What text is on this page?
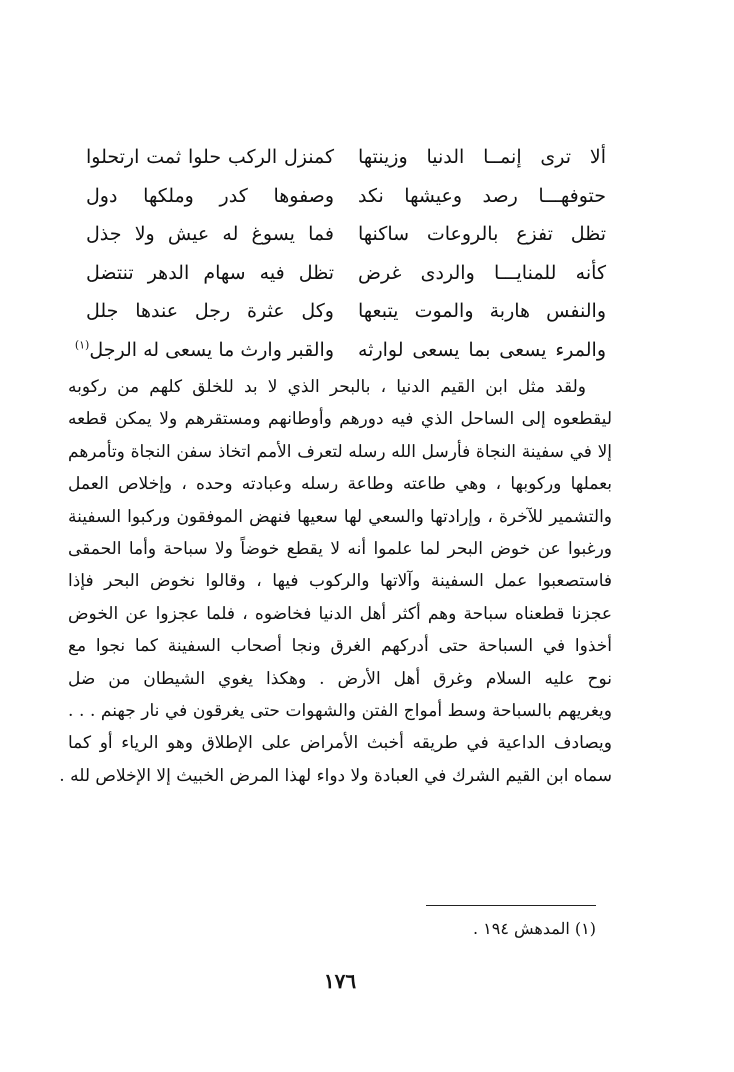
ألا ترى إنمــا الدنيا وزينتها
كمنزل الركب حلوا ثمت ارتحلوا
حتوفهـــا رصد وعيشها نكد
وصفوها كدر وملكها دول
تظل تفزع بالروعات ساكنها
فما يسوغ له عيش ولا جذل
كأنه للمنايـــا والردى غرض
تظل فيه سهام الدهر تنتضل
والنفس هاربة والموت يتبعها
وكل عثرة رجل عندها جلل
والمرء يسعى بما يسعى لوارثه
والقبر وارث ما يسعى له الرجل$^{(١)}$
ولقد مثل ابن القيم الدنيا ، بالبحر الذي لا بد للخلق كلهم من ركوبه
ليقطعوه إلى الساحل الذي فيه دورهم وأوطانهم ومستقرهم ولا يمكن قطعه
إلا في سفينة النجاة فأرسل الله رسله لتعرف الأمم اتخاذ سفن النجاة وتأمرهم
بعملها وركوبها ، وهي طاعته وطاعة رسله وعبادته وحده ، وإخلاص العمل
والتشمير للآخرة ، وإرادتها والسعي لها سعيها فنهض الموفقون وركبوا السفينة
ورغبوا عن خوض البحر لما علموا أنه لا يقطع خوضاً ولا سباحة وأما الحمقى
فاستصعبوا عمل السفينة وآلاتها والركوب فيها ، وقالوا نخوض البحر فإذا
عجزنا قطعناه سباحة وهم أكثر أهل الدنيا فخاضوه ، فلما عجزوا عن الخوض
أخذوا في السباحة حتى أدركهم الغرق ونجا أصحاب السفينة كما نجوا مع
نوح عليه السلام وغرق أهل الأرض . وهكذا يغوي الشيطان من ضل
ويغريهم بالسباحة وسط أمواج الفتن والشهوات حتى يغرقون في نار جهنم . . .
ويصادف الداعية في طريقه أخبث الأمراض على الإطلاق وهو الرياء أو كما
سماه ابن القيم الشرك في العبادة ولا دواء لهذا المرض الخبيث إلا الإخلاص لله .
(١) المدهش ١٩٤ .
١٧٦
